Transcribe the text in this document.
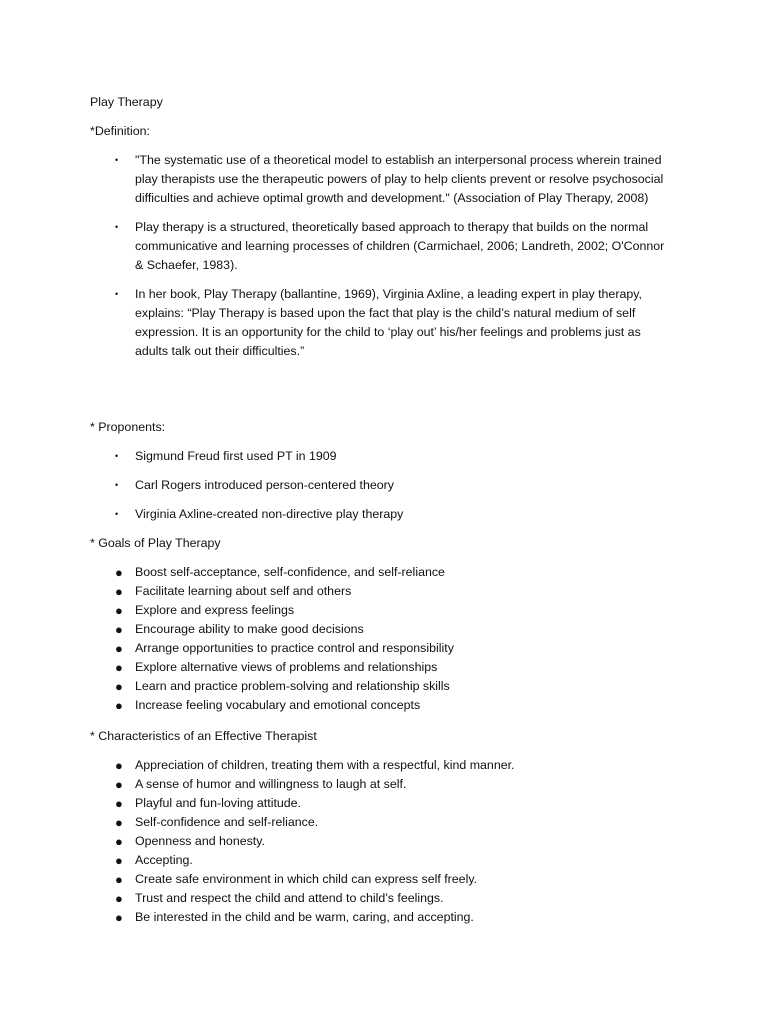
Play Therapy

*Definition:

• "The systematic use of a theoretical model to establish an interpersonal process wherein trained play therapists use the therapeutic powers of play to help clients prevent or resolve psychosocial difficulties and achieve optimal growth and development." (Association of Play Therapy, 2008)
• Play therapy is a structured, theoretically based approach to therapy that builds on the normal communicative and learning processes of children (Carmichael, 2006; Landreth, 2002; O'Connor & Schaefer, 1983).
• In her book, Play Therapy (ballantine, 1969), Virginia Axline, a leading expert in play therapy, explains: “Play Therapy is based upon the fact that play is the child’s natural medium of self expression. It is an opportunity for the child to ‘play out’ his/her feelings and problems just as adults talk out their difficulties.”

* Proponents:

• Sigmund Freud first used PT in 1909
• Carl Rogers introduced person-centered theory
• Virginia Axline-created non-directive play therapy

* Goals of Play Therapy

● Boost self-acceptance, self-confidence, and self-reliance
● Facilitate learning about self and others
● Explore and express feelings
● Encourage ability to make good decisions
● Arrange opportunities to practice control and responsibility
● Explore alternative views of problems and relationships
● Learn and practice problem-solving and relationship skills
● Increase feeling vocabulary and emotional concepts

* Characteristics of an Effective Therapist

● Appreciation of children, treating them with a respectful, kind manner.
● A sense of humor and willingness to laugh at self.
● Playful and fun-loving attitude.
● Self-confidence and self-reliance.
● Openness and honesty.
● Accepting.
● Create safe environment in which child can express self freely.
● Trust and respect the child and attend to child’s feelings.
● Be interested in the child and be warm, caring, and accepting.
